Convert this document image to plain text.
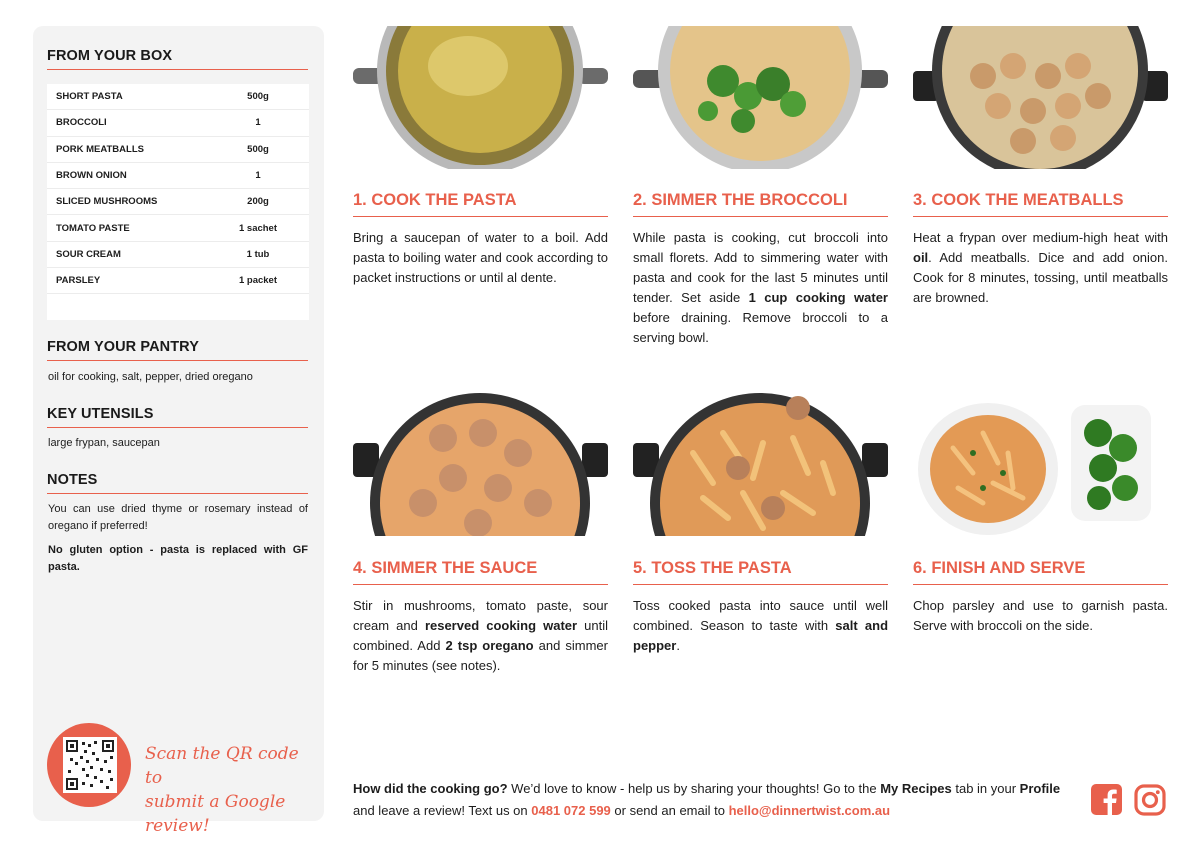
FROM YOUR BOX
SHORT PASTA	500g
BROCCOLI	1
PORK MEATBALLS	500g
BROWN ONION	1
SLICED MUSHROOMS	200g
TOMATO PASTE	1 sachet
SOUR CREAM	1 tub
PARSLEY	1 packet
FROM YOUR PANTRY
oil for cooking, salt, pepper, dried oregano
KEY UTENSILS
large frypan, saucepan
NOTES
You can use dried thyme or rosemary instead of oregano if preferred!
No gluten option - pasta is replaced with GF pasta.
Scan the QR code to
submit a Google review!
1. COOK THE PASTA
Bring a saucepan of water to a boil. Add pasta to boiling water and cook according to packet instructions or until al dente.
2. SIMMER THE BROCCOLI
While pasta is cooking, cut broccoli into small florets. Add to simmering water with pasta and cook for the last 5 minutes until tender. Set aside 1 cup cooking water before draining. Remove broccoli to a serving bowl.
3. COOK THE MEATBALLS
Heat a frypan over medium-high heat with oil. Add meatballs. Dice and add onion. Cook for 8 minutes, tossing, until meatballs are browned.
4. SIMMER THE SAUCE
Stir in mushrooms, tomato paste, sour cream and reserved cooking water until combined. Add 2 tsp oregano and simmer for 5 minutes (see notes).
5. TOSS THE PASTA
Toss cooked pasta into sauce until well combined. Season to taste with salt and pepper.
6. FINISH AND SERVE
Chop parsley and use to garnish pasta. Serve with broccoli on the side.
How did the cooking go? We’d love to know - help us by sharing your thoughts! Go to the My Recipes tab in your Profile and leave a review! Text us on 0481 072 599 or send an email to hello@dinnertwist.com.au
